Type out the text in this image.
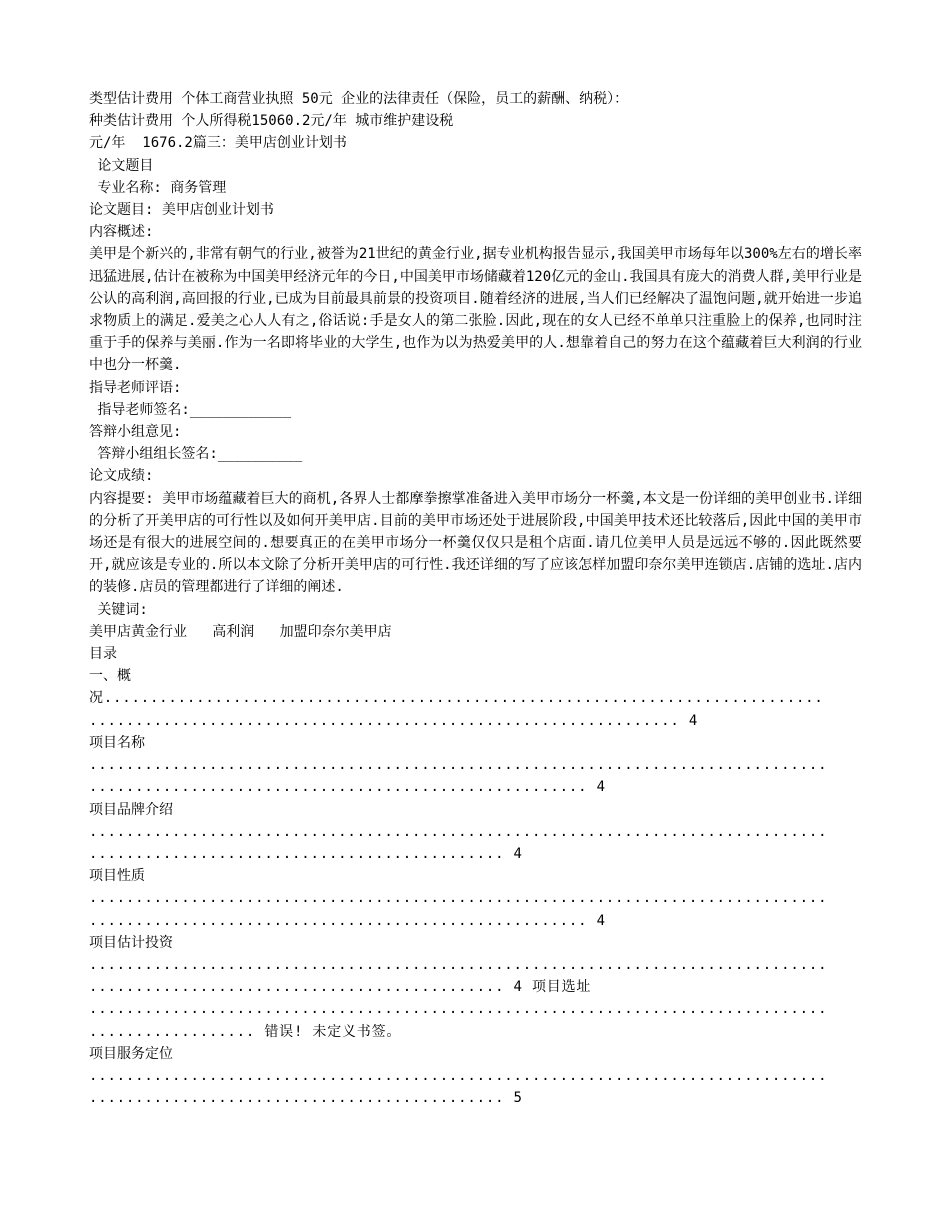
类型估计费用 个体工商营业执照 50元 企业的法律责任（保险，员工的薪酬、纳税）：
种类估计费用 个人所得税15060.2元/年 城市维护建设税
元/年  1676.2篇三：美甲店创业计划书
论文题目
专业名称: 商务管理
论文题目: 美甲店创业计划书
内容概述:
美甲是个新兴的,非常有朝气的行业,被誉为21世纪的黄金行业,据专业机构报告显示,我国美甲市场每年以300%左右的增长率迅猛进展,估计在被称为中国美甲经济元年的今日,中国美甲市场储藏着120亿元的金山.我国具有庞大的消费人群,美甲行业是公认的高利润,高回报的行业,已成为目前最具前景的投资项目.随着经济的进展,当人们已经解决了温饱问题,就开始进一步追求物质上的满足.爱美之心人人有之,俗话说:手是女人的第二张脸.因此,现在的女人已经不单单只注重脸上的保养,也同时注重于手的保养与美丽.作为一名即将毕业的大学生,也作为以为热爱美甲的人.想靠着自己的努力在这个蕴藏着巨大利润的行业中也分一杯羹.
指导老师评语:
指导老师签名:____________
答辩小组意见:
答辩小组组长签名:__________
论文成绩:
内容提要: 美甲市场蕴藏着巨大的商机,各界人士都摩拳擦掌准备进入美甲市场分一杯羹,本文是一份详细的美甲创业书.详细的分析了开美甲店的可行性以及如何开美甲店.目前的美甲市场还处于进展阶段,中国美甲技术还比较落后,因此中国的美甲市场还是有很大的进展空间的.想要真正的在美甲市场分一杯羹仅仅只是租个店面.请几位美甲人员是远远不够的.因此既然要开,就应该是专业的.所以本文除了分析开美甲店的可行性.我还详细的写了应该怎样加盟印奈尔美甲连锁店.店铺的选址.店内的装修.店员的管理都进行了详细的阐述.
关键词:
美甲店黄金行业   高利润   加盟印奈尔美甲店
目录
一、概
况..............................................................................
................................................................ 4
项目名称
................................................................................
...................................................... 4
项目品牌介绍
................................................................................
............................................. 4
项目性质
................................................................................
...................................................... 4
项目估计投资
................................................................................
............................................. 4 项目选址
................................................................................
.................. 错误! 未定义书签。
项目服务定位
................................................................................
............................................. 5
